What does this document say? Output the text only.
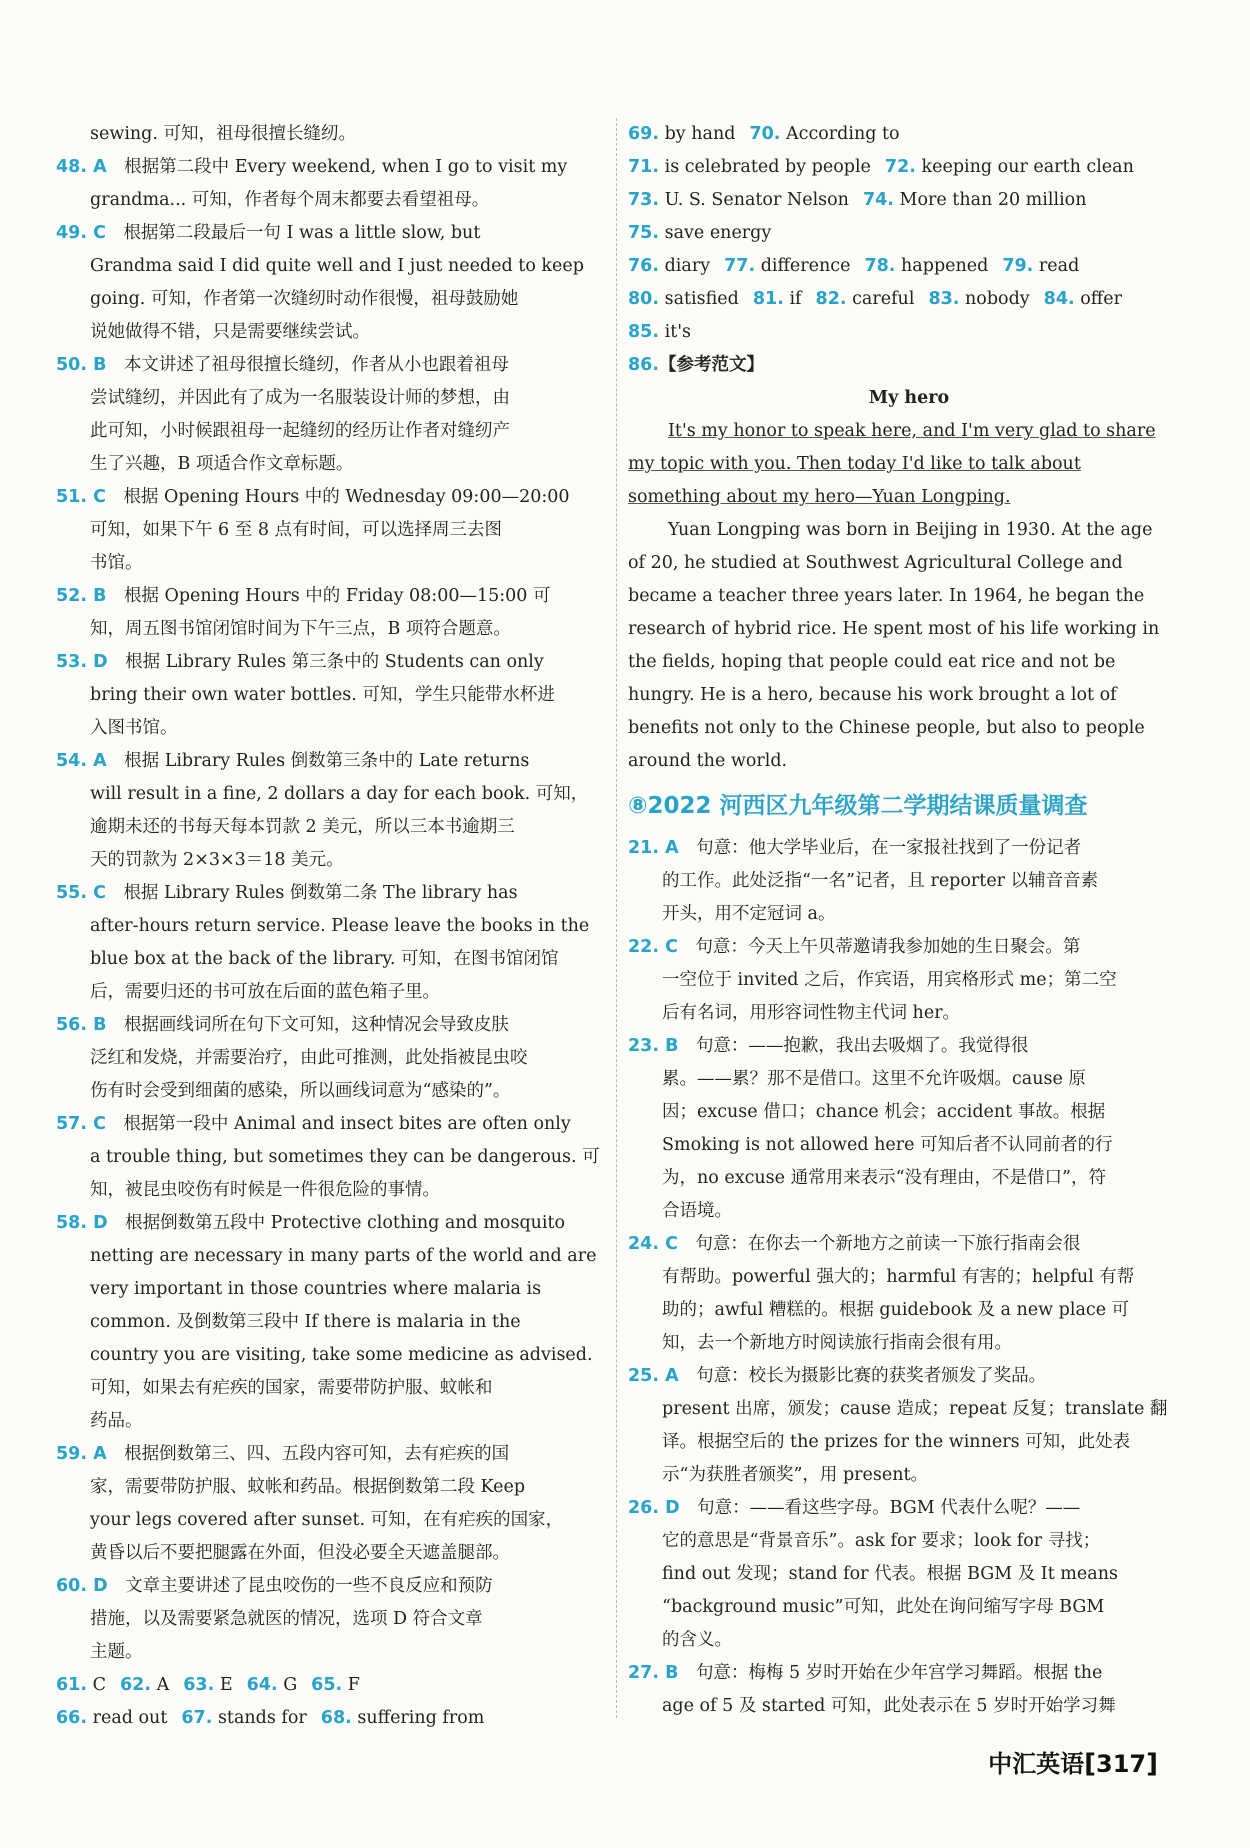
sewing. 可知，祖母很擅长缝纫。
48. A  根据第二段中 Every weekend, when I go to visit my
grandma... 可知，作者每个周末都要去看望祖母。
49. C  根据第二段最后一句 I was a little slow, but
Grandma said I did quite well and I just needed to keep
going. 可知，作者第一次缝纫时动作很慢，祖母鼓励她
说她做得不错，只是需要继续尝试。
50. B  本文讲述了祖母很擅长缝纫，作者从小也跟着祖母
尝试缝纫，并因此有了成为一名服装设计师的梦想，由
此可知，小时候跟祖母一起缝纫的经历让作者对缝纫产
生了兴趣，B 项适合作文章标题。
51. C  根据 Opening Hours 中的 Wednesday 09:00—20:00
可知，如果下午 6 至 8 点有时间，可以选择周三去图
书馆。
52. B  根据 Opening Hours 中的 Friday 08:00—15:00 可
知，周五图书馆闭馆时间为下午三点，B 项符合题意。
53. D  根据 Library Rules 第三条中的 Students can only
bring their own water bottles. 可知，学生只能带水杯进
入图书馆。
54. A  根据 Library Rules 倒数第三条中的 Late returns
will result in a fine, 2 dollars a day for each book. 可知，
逾期未还的书每天每本罚款 2 美元，所以三本书逾期三
天的罚款为 2×3×3＝18 美元。
55. C  根据 Library Rules 倒数第二条 The library has
after-hours return service. Please leave the books in the
blue box at the back of the library. 可知，在图书馆闭馆
后，需要归还的书可放在后面的蓝色箱子里。
56. B  根据画线词所在句下文可知，这种情况会导致皮肤
泛红和发烧，并需要治疗，由此可推测，此处指被昆虫咬
伤有时会受到细菌的感染，所以画线词意为“感染的”。
57. C  根据第一段中 Animal and insect bites are often only
a trouble thing, but sometimes they can be dangerous. 可
知，被昆虫咬伤有时候是一件很危险的事情。
58. D  根据倒数第五段中 Protective clothing and mosquito
netting are necessary in many parts of the world and are
very important in those countries where malaria is
common. 及倒数第三段中 If there is malaria in the
country you are visiting, take some medicine as advised.
可知，如果去有疟疾的国家，需要带防护服、蚊帐和
药品。
59. A  根据倒数第三、四、五段内容可知，去有疟疾的国
家，需要带防护服、蚊帐和药品。根据倒数第二段 Keep
your legs covered after sunset. 可知，在有疟疾的国家，
黄昏以后不要把腿露在外面，但没必要全天遮盖腿部。
60. D  文章主要讲述了昆虫咬伤的一些不良反应和预防
措施，以及需要紧急就医的情况，选项 D 符合文章
主题。
61. C 62. A 63. E 64. G 65. F
66. read out 67. stands for 68. suffering from
69. by hand 70. According to
71. is celebrated by people 72. keeping our earth clean
73. U. S. Senator Nelson 74. More than 20 million
75. save energy
76. diary 77. difference 78. happened 79. read
80. satisfied 81. if 82. careful 83. nobody 84. offer
85. it's
86.【参考范文】
My hero
It's my honor to speak here, and I'm very glad to share
my topic with you. Then today I'd like to talk about
something about my hero—Yuan Longping.
Yuan Longping was born in Beijing in 1930. At the age
of 20, he studied at Southwest Agricultural College and
became a teacher three years later. In 1964, he began the
research of hybrid rice. He spent most of his life working in
the fields, hoping that people could eat rice and not be
hungry. He is a hero, because his work brought a lot of
benefits not only to the Chinese people, but also to people
around the world.
⑧2022 河西区九年级第二学期结课质量调查
21. A  句意：他大学毕业后，在一家报社找到了一份记者
的工作。此处泛指“一名”记者，且 reporter 以辅音音素
开头，用不定冠词 a。
22. C  句意：今天上午贝蒂邀请我参加她的生日聚会。第
一空位于 invited 之后，作宾语，用宾格形式 me；第二空
后有名词，用形容词性物主代词 her。
23. B  句意：——抱歉，我出去吸烟了。我觉得很
累。——累？那不是借口。这里不允许吸烟。cause 原
因；excuse 借口；chance 机会；accident 事故。根据
Smoking is not allowed here 可知后者不认同前者的行
为，no excuse 通常用来表示“没有理由，不是借口”，符
合语境。
24. C  句意：在你去一个新地方之前读一下旅行指南会很
有帮助。powerful 强大的；harmful 有害的；helpful 有帮
助的；awful 糟糕的。根据 guidebook 及 a new place 可
知，去一个新地方时阅读旅行指南会很有用。
25. A  句意：校长为摄影比赛的获奖者颁发了奖品。
present 出席，颁发；cause 造成；repeat 反复；translate 翻
译。根据空后的 the prizes for the winners 可知，此处表
示“为获胜者颁奖”，用 present。
26. D  句意：——看这些字母。BGM 代表什么呢？——
它的意思是“背景音乐”。ask for 要求；look for 寻找；
find out 发现；stand for 代表。根据 BGM 及 It means
“background music”可知，此处在询问缩写字母 BGM
的含义。
27. B  句意：梅梅 5 岁时开始在少年宫学习舞蹈。根据 the
age of 5 及 started 可知，此处表示在 5 岁时开始学习舞
中汇英语[317]
